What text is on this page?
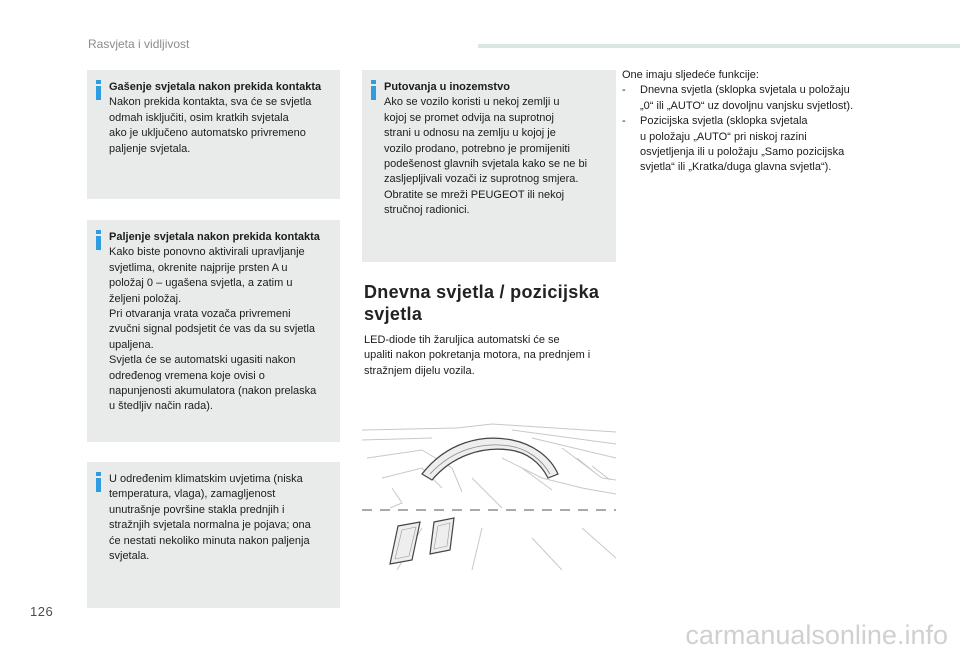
Rasvjeta i vidljivost
Gašenje svjetala nakon prekida kontakta

Nakon prekida kontakta, sva će se svjetla
odmah isključiti, osim kratkih svjetala
ako je uključeno automatsko privremeno
paljenje svjetala.

Paljenje svjetala nakon prekida kontakta

Kako biste ponovno aktivirali upravljanje
svjetlima, okrenite najprije prsten A u
položaj 0 – ugašena svjetla, a zatim u
željeni položaj.
Pri otvaranja vrata vozača privremeni
zvučni signal podsjetit će vas da su svjetla
upaljena.
Svjetla će se automatski ugasiti nakon
određenog vremena koje ovisi o
napunjenosti akumulatora (nakon prelaska
u štedljiv način rada).

U određenim klimatskim uvjetima (niska
temperatura, vlaga), zamagljenost
unutrašnje površine stakla prednjih i
stražnjih svjetala normalna je pojava; ona
će nestati nekoliko minuta nakon paljenja
svjetala.

Putovanja u inozemstvo

Ako se vozilo koristi u nekoj zemlji u
kojoj se promet odvija na suprotnoj
strani u odnosu na zemlju u kojoj je
vozilo prodano, potrebno je promijeniti
podešenost glavnih svjetala kako se ne bi
zasljepljivali vozači iz suprotnog smjera.
Obratite se mreži PEUGEOT ili nekoj
stručnoj radionici.

Dnevna svjetla / pozicijska svjetla
LED-diode tih žaruljica automatski će se
upaliti nakon pokretanja motora, na prednjem i
stražnjem dijelu vozila.
One imaju sljedeće funkcije:
- Dnevna svjetla (sklopka svjetala u položaju
„0“ ili „AUTO“ uz dovoljnu vanjsku svjetlost).
- Pozicijska svjetla (sklopka svjetala
u položaju „AUTO“ pri niskoj razini
osvjetljenja ili u položaju „Samo pozicijska
svjetla“ ili „Kratka/duga glavna svjetla“).
126
carmanualsonline.info
